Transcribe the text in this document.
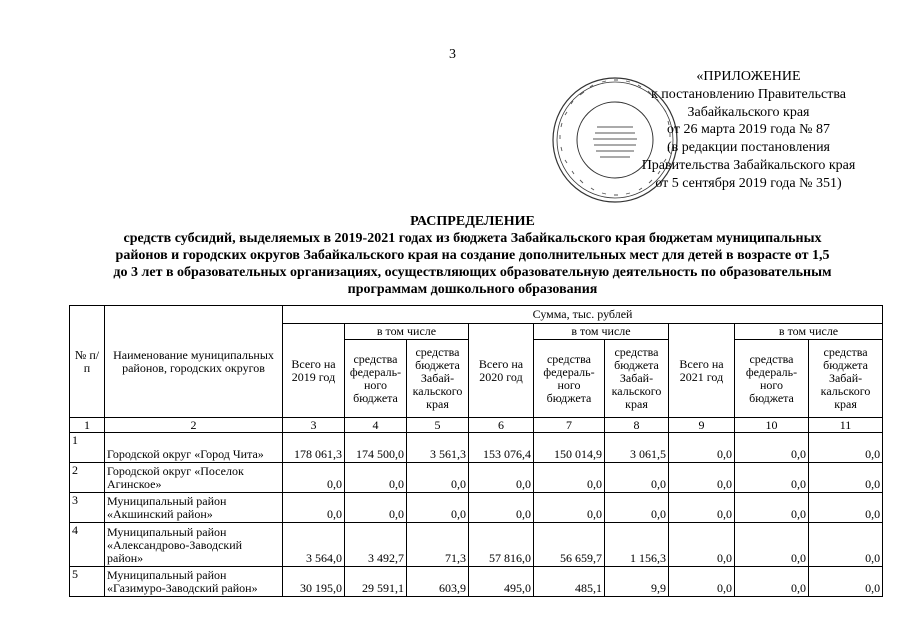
3
«ПРИЛОЖЕНИЕ
к постановлению Правительства
Забайкальского края
от 26 марта 2019 года № 87
(в редакции постановления
Правительства Забайкальского края
от 5 сентября 2019 года № 351)
РАСПРЕДЕЛЕНИЕ
средств субсидий, выделяемых в 2019-2021 годах из бюджета Забайкальского края бюджетам муниципальных
районов и городских округов Забайкальского края на создание дополнительных мест для детей в возрасте от 1,5
до 3 лет в образовательных организациях, осуществляющих образовательную деятельность по образовательным
программам дошкольного образования
№ п/п	Наименование муниципальных районов, городских округов	Сумма, тыс. рублей								
		Всего на 2019 год	в том числе		Всего на 2020 год	в том числе		Всего на 2021 год	в том числе	
			средства федераль-ного бюджета	средства бюджета Забай-кальского края		средства федераль-ного бюджета	средства бюджета Забай-кальского края		средства федераль-ного бюджета	средства бюджета Забай-кальского края
1	2	3	4	5	6	7	8	9	10	11
1	Городской округ «Город Чита»	178 061,3	174 500,0	3 561,3	153 076,4	150 014,9	3 061,5	0,0	0,0	0,0
2	Городской округ «Поселок Агинское»	0,0	0,0	0,0	0,0	0,0	0,0	0,0	0,0	0,0
3	Муниципальный район «Акшинский район»	0,0	0,0	0,0	0,0	0,0	0,0	0,0	0,0	0,0
4	Муниципальный район «Александрово-Заводский район»	3 564,0	3 492,7	71,3	57 816,0	56 659,7	1 156,3	0,0	0,0	0,0
5	Муниципальный район «Газимуро-Заводский район»	30 195,0	29 591,1	603,9	495,0	485,1	9,9	0,0	0,0	0,0
